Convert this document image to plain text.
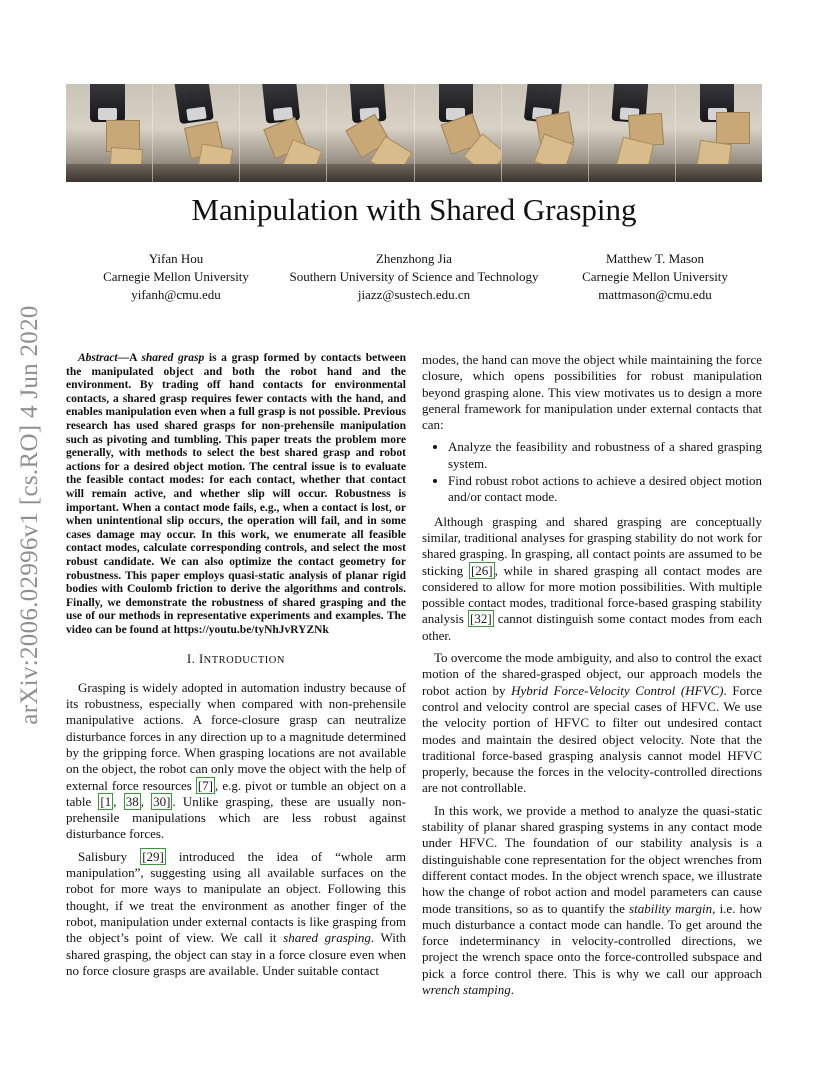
arXiv:2006.02996v1 [cs.RO] 4 Jun 2020
Manipulation with Shared Grasping
Yifan Hou
Carnegie Mellon University
yifanh@cmu.edu
Zhenzhong Jia
Southern University of Science and Technology
jiazz@sustech.edu.cn
Matthew T. Mason
Carnegie Mellon University
mattmason@cmu.edu

Abstract—A shared grasp is a grasp formed by contacts between the manipulated object and both the robot hand and the environment. By trading off hand contacts for environmental contacts, a shared grasp requires fewer contacts with the hand, and enables manipulation even when a full grasp is not possible. Previous research has used shared grasps for non-prehensile manipulation such as pivoting and tumbling. This paper treats the problem more generally, with methods to select the best shared grasp and robot actions for a desired object motion. The central issue is to evaluate the feasible contact modes: for each contact, whether that contact will remain active, and whether slip will occur. Robustness is important. When a contact mode fails, e.g., when a contact is lost, or when unintentional slip occurs, the operation will fail, and in some cases damage may occur. In this work, we enumerate all feasible contact modes, calculate corresponding controls, and select the most robust candidate. We can also optimize the contact geometry for robustness. This paper employs quasi-static analysis of planar rigid bodies with Coulomb friction to derive the algorithms and controls. Finally, we demonstrate the robustness of shared grasping and the use of our methods in representative experiments and examples. The video can be found at https://youtu.be/tyNhJvRYZNk

I. INTRODUCTION

Grasping is widely adopted in automation industry because of its robustness, especially when compared with non-prehensile manipulative actions. A force-closure grasp can neutralize disturbance forces in any direction up to a magnitude determined by the gripping force. When grasping locations are not available on the object, the robot can only move the object with the help of external force resources [7] , e.g. pivot or tumble an object on a table [1 , 38 , 30] . Unlike grasping, these are usually non-prehensile manipulations which are less robust against disturbance forces.

Salisbury [29] introduced the idea of “whole arm manipulation”, suggesting using all available surfaces on the robot for more ways to manipulate an object. Following this thought, if we treat the environment as another finger of the robot, manipulation under external contacts is like grasping from the object’s point of view. We call it shared grasping. With shared grasping, the object can stay in a force closure even when no force closure grasps are available. Under suitable contact

modes, the hand can move the object while maintaining the force closure, which opens possibilities for robust manipulation beyond grasping alone. This view motivates us to design a more general framework for manipulation under external contacts that can:

• Analyze the feasibility and robustness of a shared grasping system.
• Find robust robot actions to achieve a desired object motion and/or contact mode.

Although grasping and shared grasping are conceptually similar, traditional analyses for grasping stability do not work for shared grasping. In grasping, all contact points are assumed to be sticking [26] , while in shared grasping all contact modes are considered to allow for more motion possibilities. With multiple possible contact modes, traditional force-based grasping stability analysis [32] cannot distinguish some contact modes from each other.

To overcome the mode ambiguity, and also to control the exact motion of the shared-grasped object, our approach models the robot action by Hybrid Force-Velocity Control (HFVC). Force control and velocity control are special cases of HFVC. We use the velocity portion of HFVC to filter out undesired contact modes and maintain the desired object velocity. Note that the traditional force-based grasping analysis cannot model HFVC properly, because the forces in the velocity-controlled directions are not controllable.

In this work, we provide a method to analyze the quasi-static stability of planar shared grasping systems in any contact mode under HFVC. The foundation of our stability analysis is a distinguishable cone representation for the object wrenches from different contact modes. In the object wrench space, we illustrate how the change of robot action and model parameters can cause mode transitions, so as to quantify the stability margin, i.e. how much disturbance a contact mode can handle. To get around the force indeterminancy in velocity-controlled directions, we project the wrench space onto the force-controlled subspace and pick a force control there. This is why we call our approach wrench stamping.
